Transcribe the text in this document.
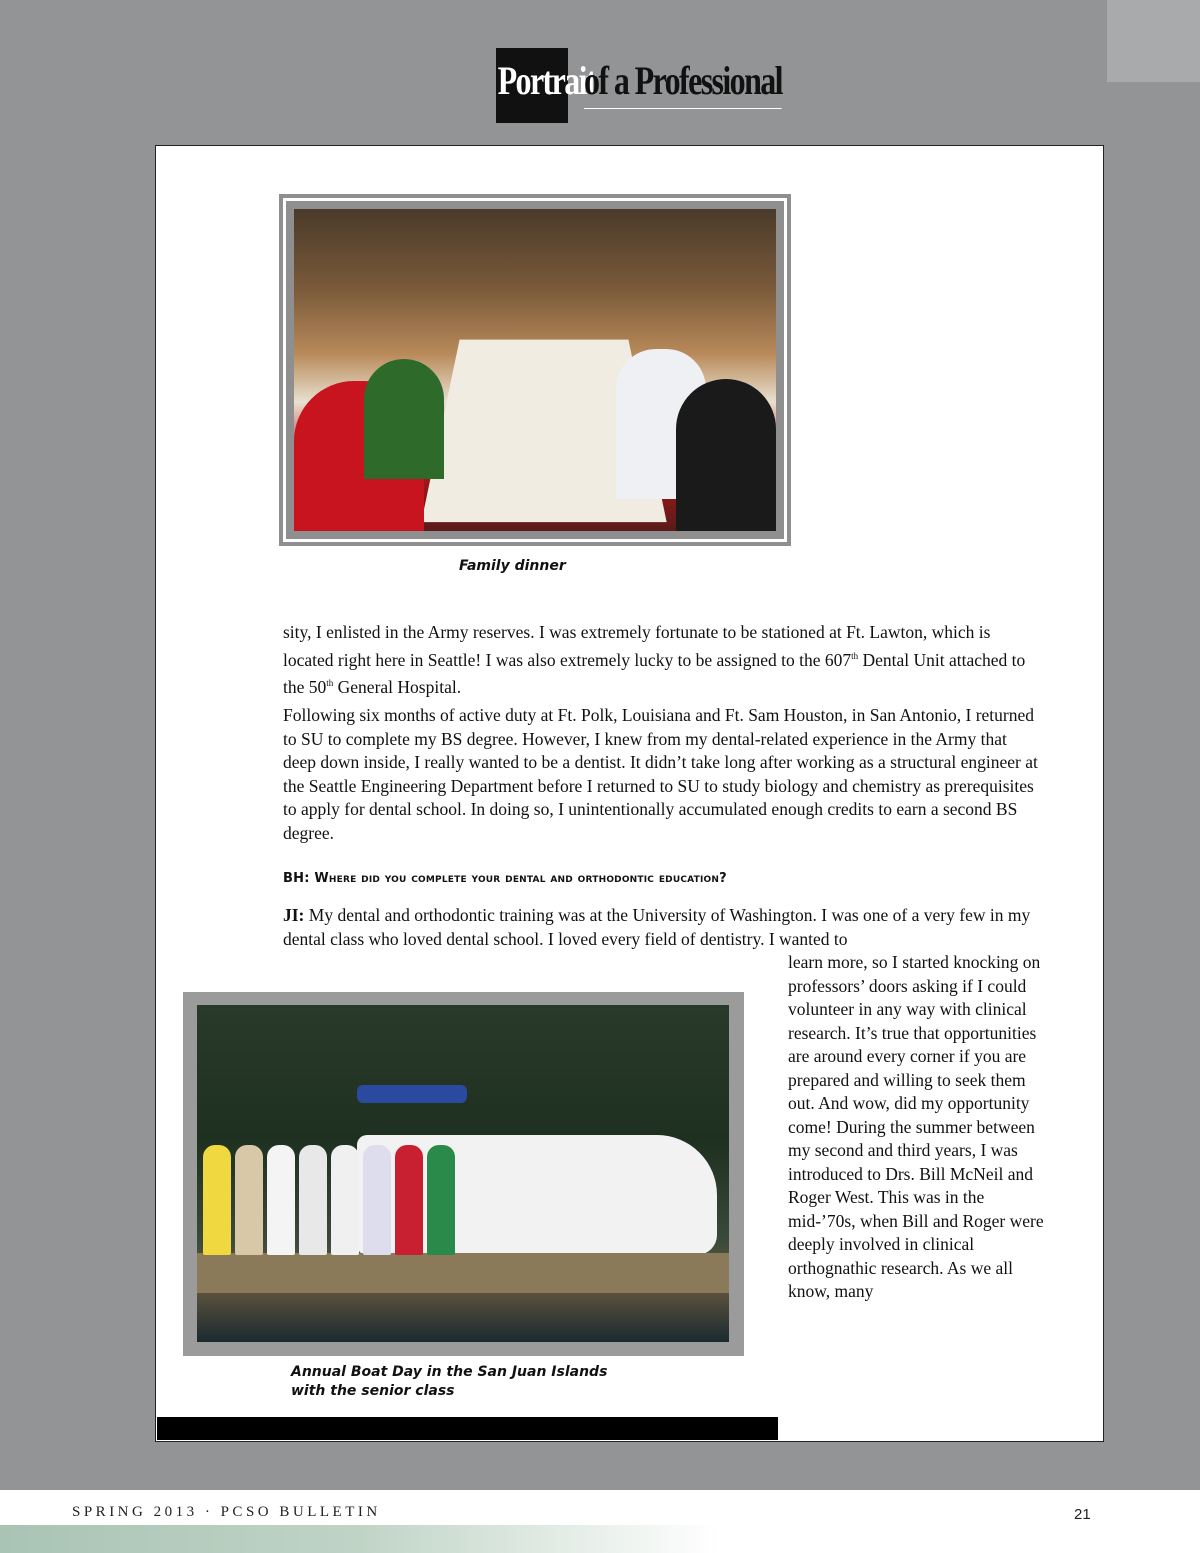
Portrait
of a Professional
Family dinner

sity, I enlisted in the Army reserves. I was extremely fortunate to be stationed at Ft. Lawton, which is located right here in Seattle! I was also extremely lucky to be assigned to the 607th Dental Unit attached to the 50th General Hospital.

Following six months of active duty at Ft. Polk, Louisiana and Ft. Sam Houston, in San Antonio, I returned to SU to complete my BS degree. However, I knew from my dental-related experience in the Army that deep down inside, I really wanted to be a dentist. It didn’t take long after working as a structural engineer at the Seattle Engineering Department before I returned to SU to study biology and chemistry as prerequisites to apply for dental school. In doing so, I unintentionally accumulated enough credits to earn a second BS degree.

BH: Where did you complete your dental and orthodontic education?

JI: My dental and orthodontic training was at the University of Washington. I was one of a very few in my dental class who loved dental school. I loved every field of dentistry. I wanted to

learn more, so I started knocking on professors’ doors asking if I could volunteer in any way with clinical research. It’s true that opportunities are around every corner if you are prepared and willing to seek them out. And wow, did my opportunity come! During the summer between my second and third years, I was introduced to Drs. Bill McNeil and Roger West. This was in the mid-’70s, when Bill and Roger were deeply involved in clinical orthognathic research. As we all know, many

Annual Boat Day in the San Juan Islands
with the senior class
SPRING 2013 · PCSO BULLETIN	21
